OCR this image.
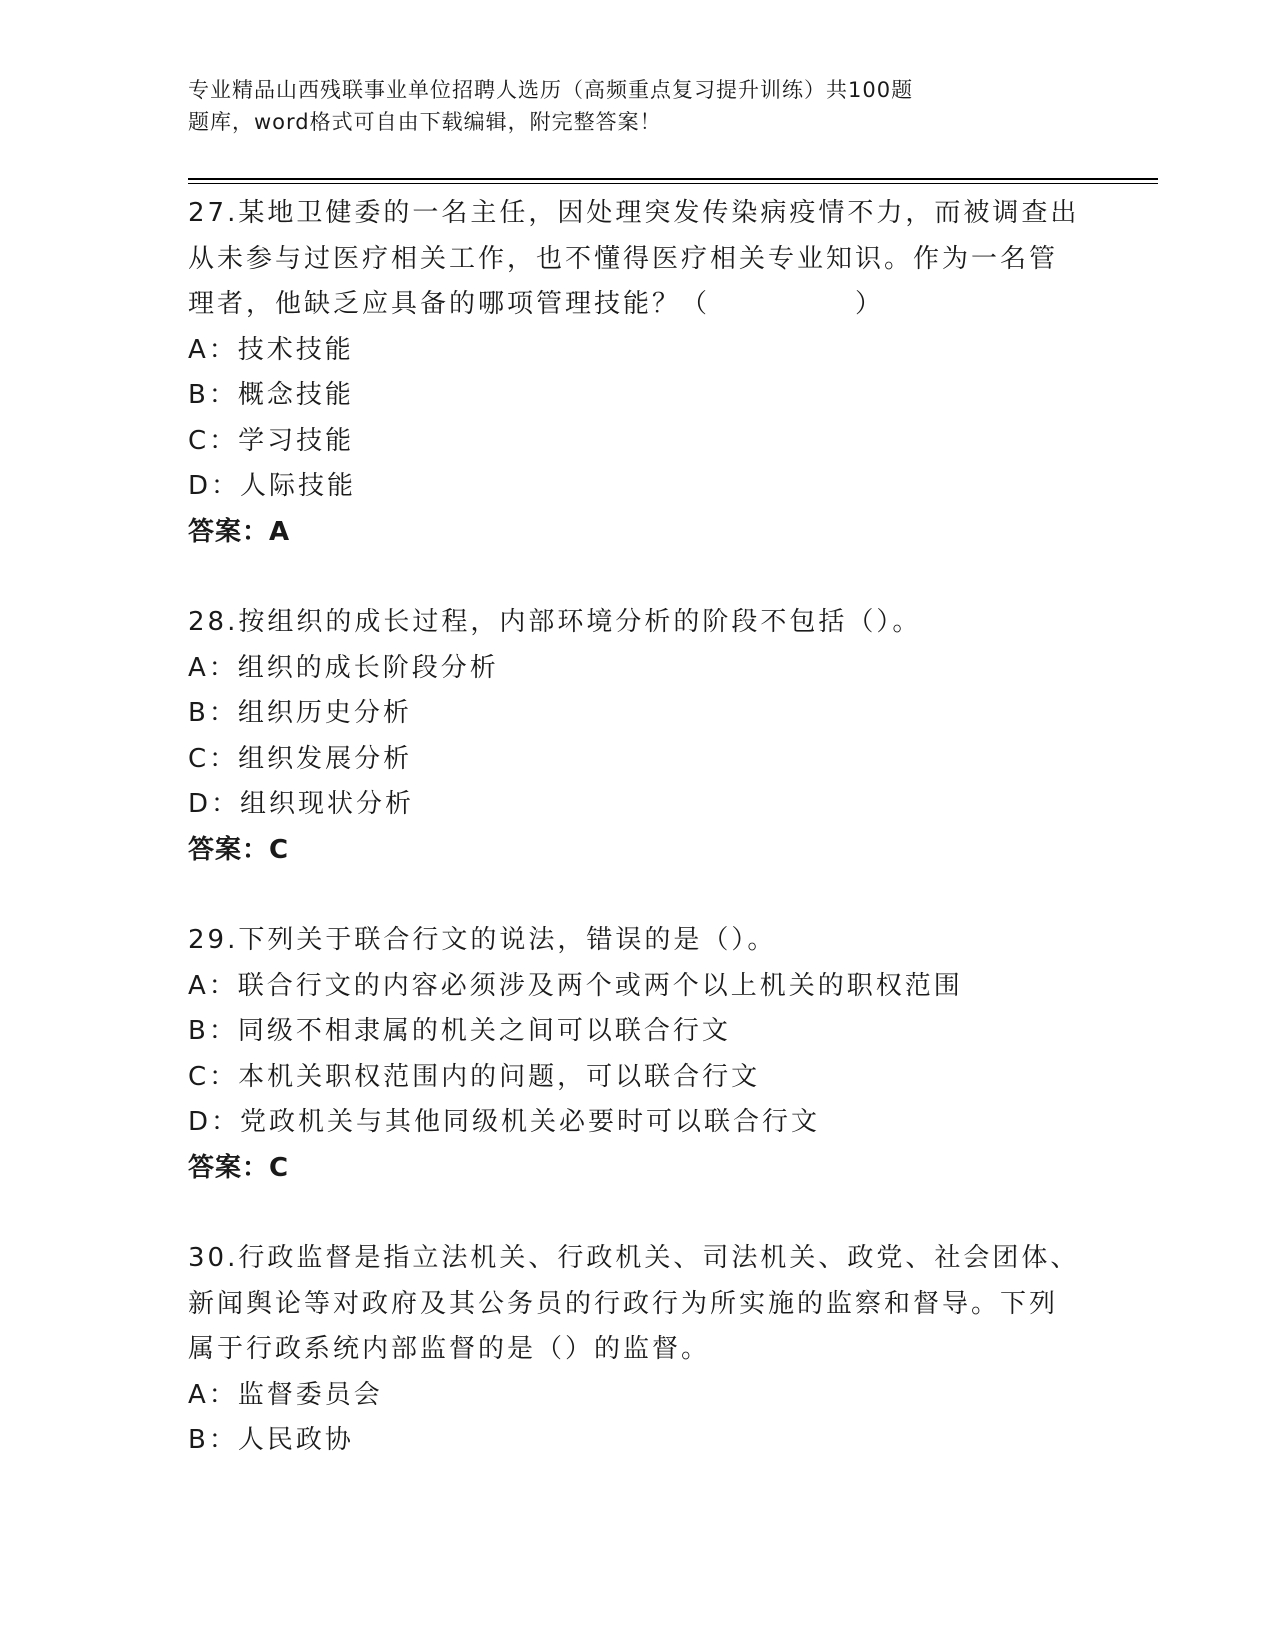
专业精品山西残联事业单位招聘人选历（高频重点复习提升训练）共100题
题库，word格式可自由下载编辑，附完整答案！
27.某地卫健委的一名主任，因处理突发传染病疫情不力，而被调查出
从未参与过医疗相关工作，也不懂得医疗相关专业知识。作为一名管
理者，他缺乏应具备的哪项管理技能？（　　　　　）
A：技术技能
B：概念技能
C：学习技能
D：人际技能
答案：A
28.按组织的成长过程，内部环境分析的阶段不包括（）。
A：组织的成长阶段分析
B：组织历史分析
C：组织发展分析
D：组织现状分析
答案：C
29.下列关于联合行文的说法，错误的是（）。
A：联合行文的内容必须涉及两个或两个以上机关的职权范围
B：同级不相隶属的机关之间可以联合行文
C：本机关职权范围内的问题，可以联合行文
D：党政机关与其他同级机关必要时可以联合行文
答案：C
30.行政监督是指立法机关、行政机关、司法机关、政党、社会团体、
新闻舆论等对政府及其公务员的行政行为所实施的监察和督导。下列
属于行政系统内部监督的是（）的监督。
A：监督委员会
B：人民政协
